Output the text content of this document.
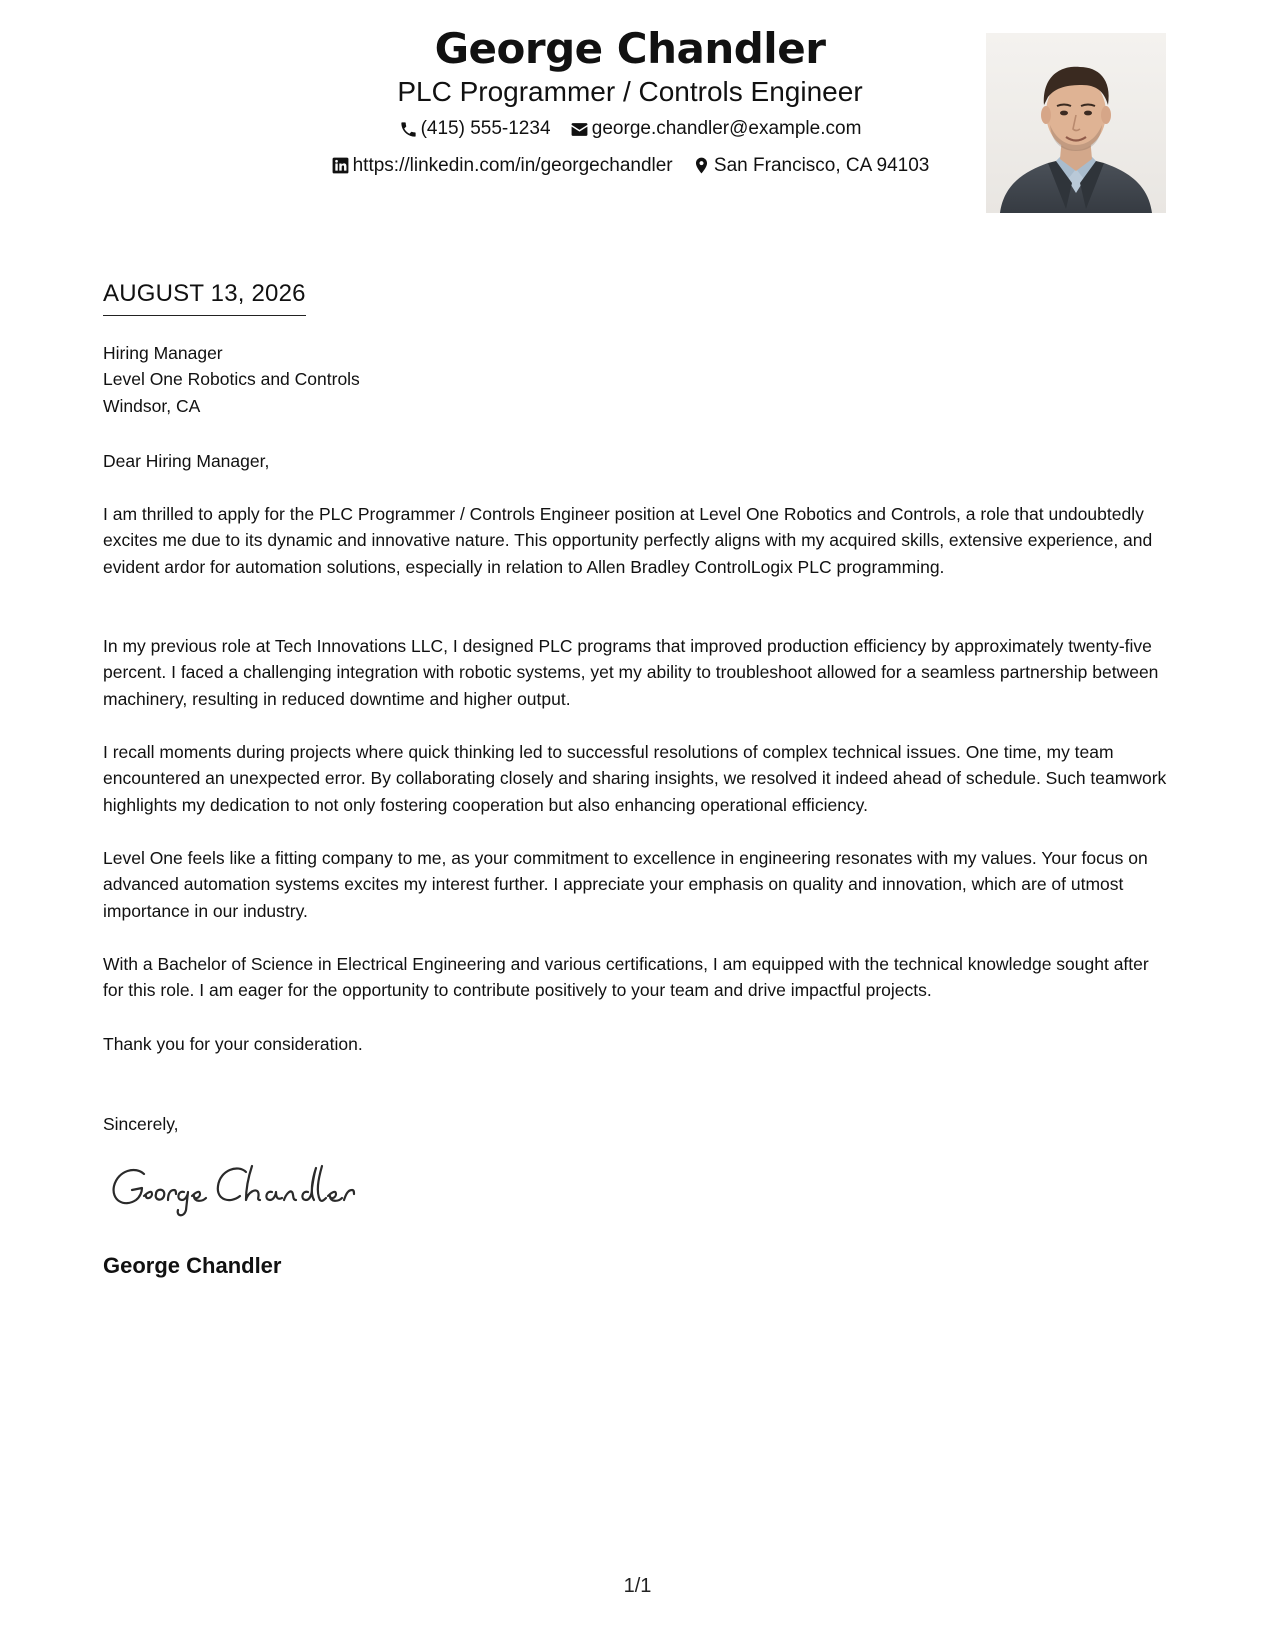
George Chandler
PLC Programmer / Controls Engineer
(415) 555-1234
george.chandler@example.com
https://linkedin.com/in/georgechandler
San Francisco, CA 94103
AUGUST 13, 2026
Hiring Manager
Level One Robotics and Controls
Windsor, CA
Dear Hiring Manager,
I am thrilled to apply for the PLC Programmer / Controls Engineer position at Level One Robotics and Controls, a role that undoubtedly excites me due to its dynamic and innovative nature. This opportunity perfectly aligns with my acquired skills, extensive experience, and evident ardor for automation solutions, especially in relation to Allen Bradley ControlLogix PLC programming.
In my previous role at Tech Innovations LLC, I designed PLC programs that improved production efficiency by approximately twenty-five percent. I faced a challenging integration with robotic systems, yet my ability to troubleshoot allowed for a seamless partnership between machinery, resulting in reduced downtime and higher output.
I recall moments during projects where quick thinking led to successful resolutions of complex technical issues. One time, my team encountered an unexpected error. By collaborating closely and sharing insights, we resolved it indeed ahead of schedule. Such teamwork highlights my dedication to not only fostering cooperation but also enhancing operational efficiency.
Level One feels like a fitting company to me, as your commitment to excellence in engineering resonates with my values. Your focus on advanced automation systems excites my interest further. I appreciate your emphasis on quality and innovation, which are of utmost importance in our industry.
With a Bachelor of Science in Electrical Engineering and various certifications, I am equipped with the technical knowledge sought after for this role. I am eager for the opportunity to contribute positively to your team and drive impactful projects.
Thank you for your consideration.
Sincerely,
George Chandler
1/1
